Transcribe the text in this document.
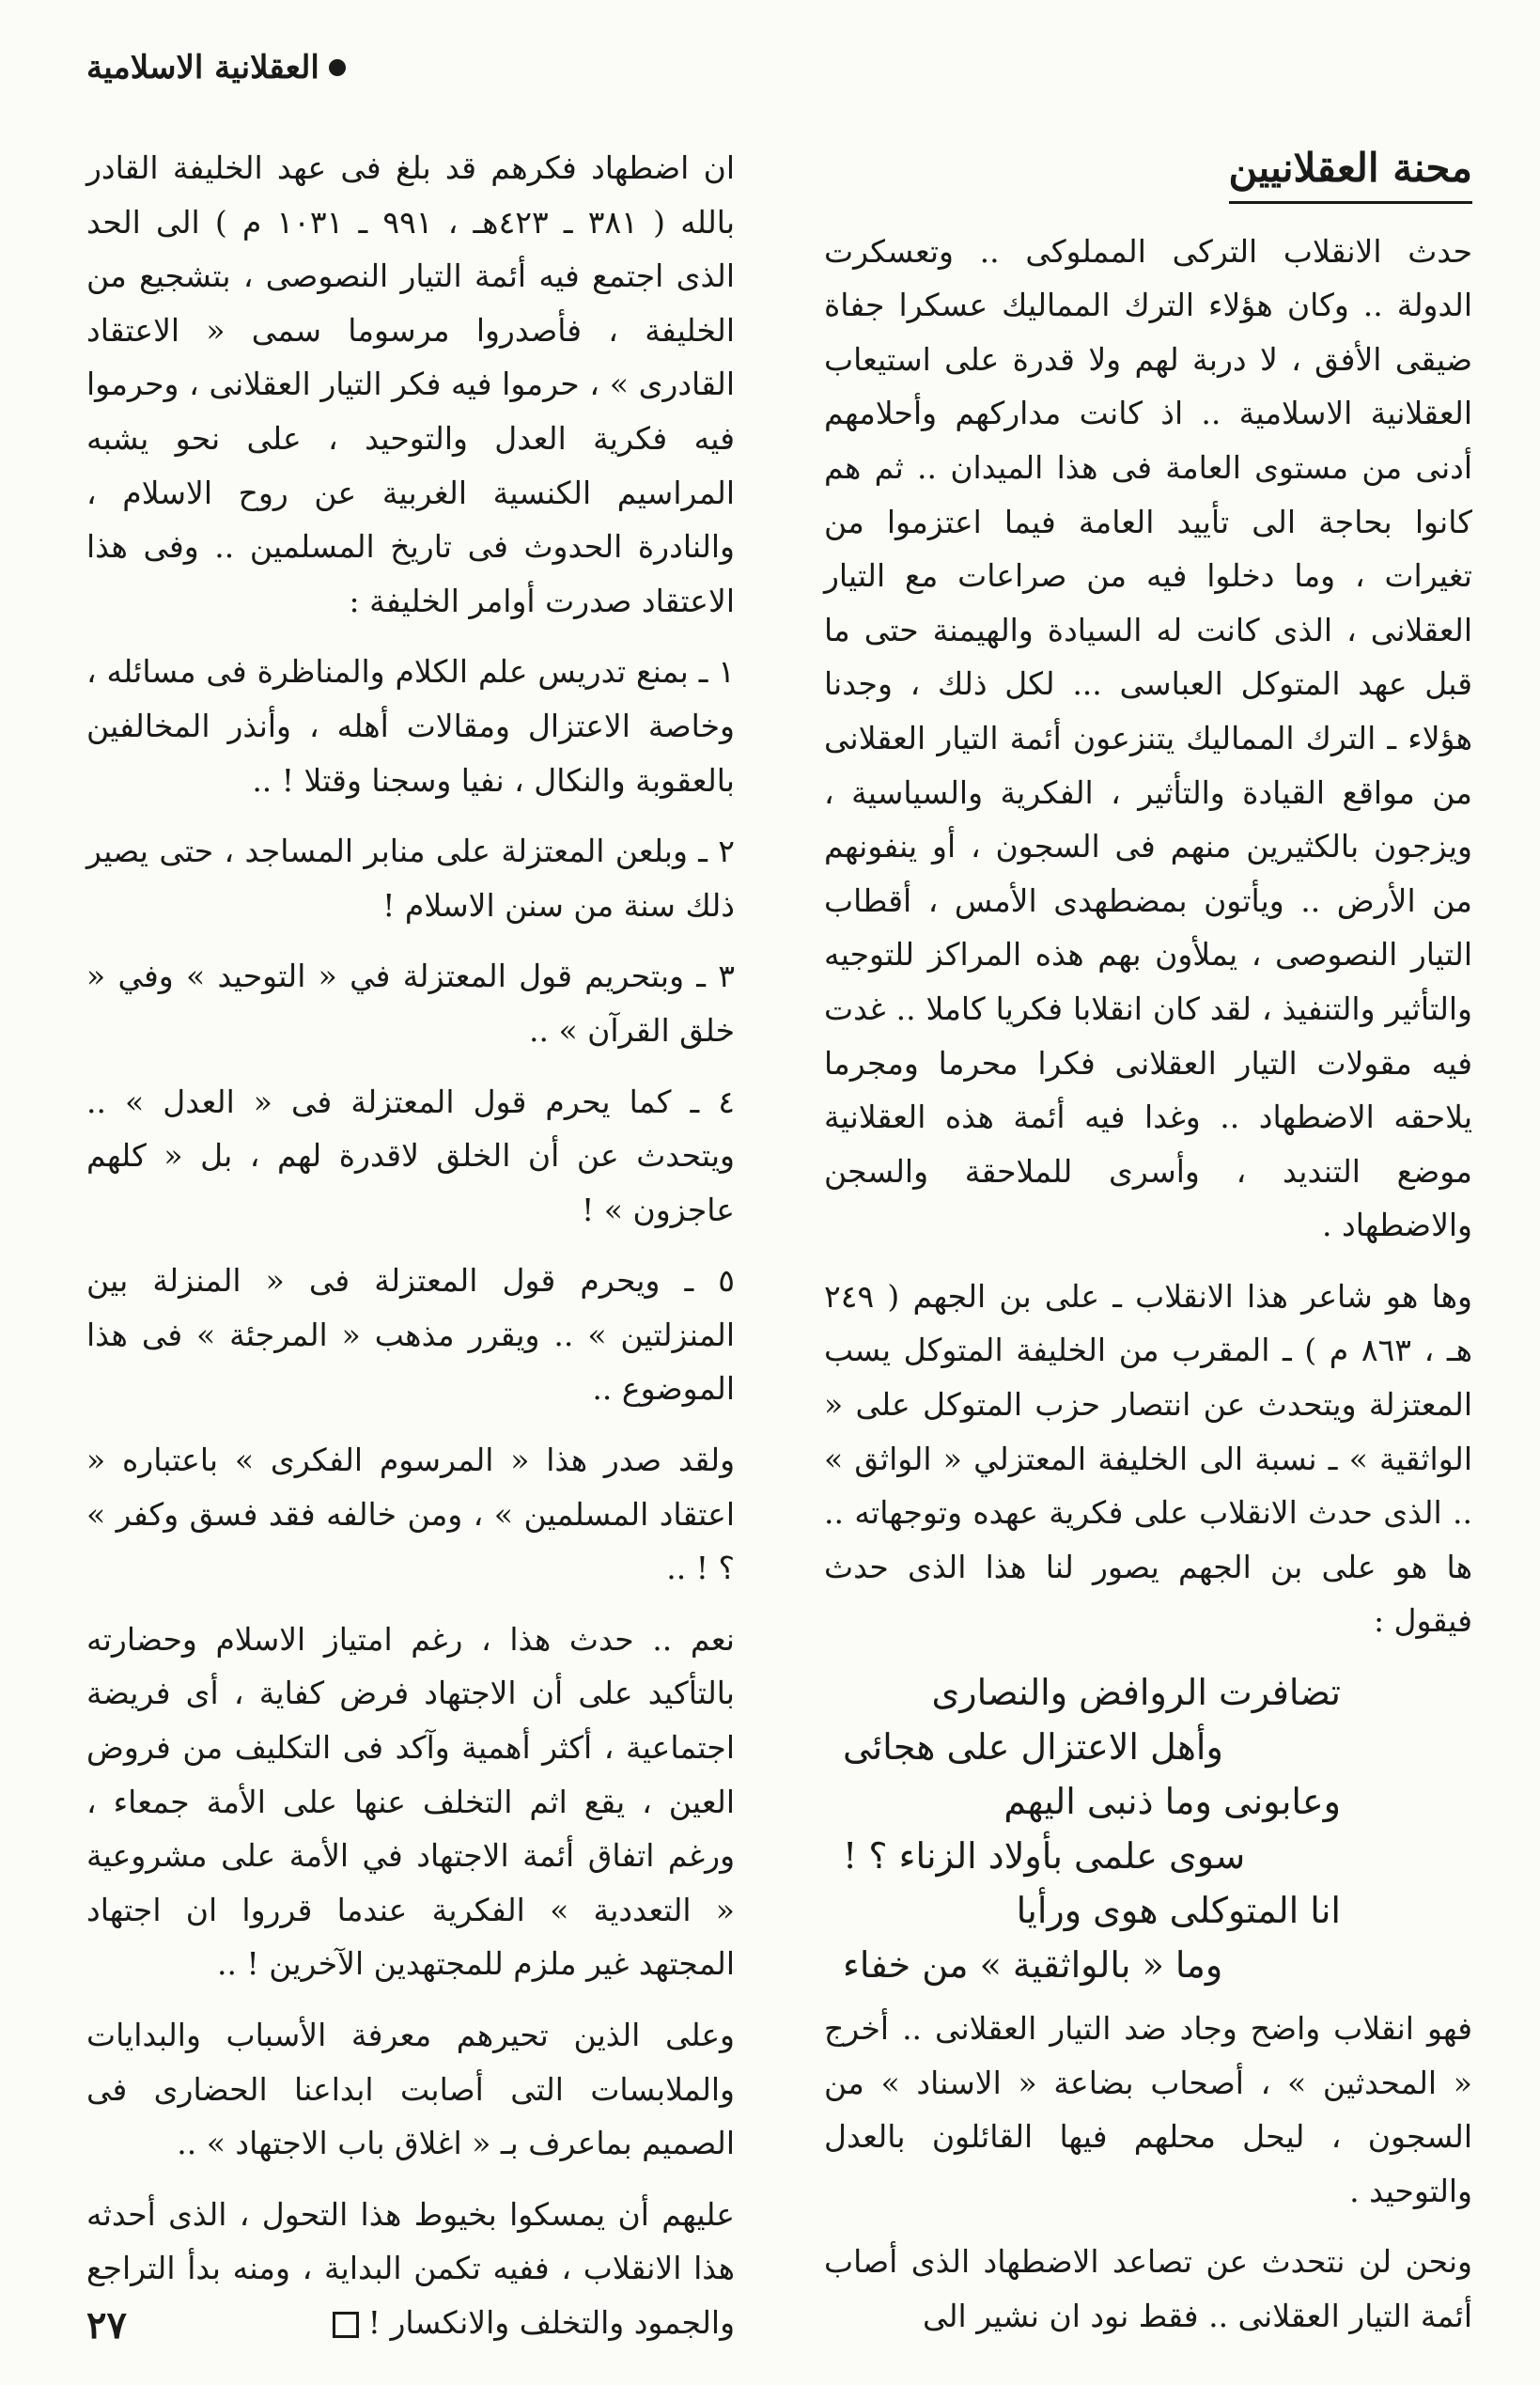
العقلانية الاسلامية
محنة العقلانيين

حدث الانقلاب التركى المملوكى .. وتعسكرت الدولة .. وكان هؤلاء الترك المماليك عسكرا جفاة ضيقى الأفق ، لا دربة لهم ولا قدرة على استيعاب العقلانية الاسلامية .. اذ كانت مداركهم وأحلامهم أدنى من مستوى العامة فى هذا الميدان .. ثم هم كانوا بحاجة الى تأييد العامة فيما اعتزموا من تغيرات ، وما دخلوا فيه من صراعات مع التيار العقلانى ، الذى كانت له السيادة والهيمنة حتى ما قبل عهد المتوكل العباسى ... لكل ذلك ، وجدنا هؤلاء ـ الترك المماليك يتنزعون أئمة التيار العقلانى من مواقع القيادة والتأثير ، الفكرية والسياسية ، ويزجون بالكثيرين منهم فى السجون ، أو ينفونهم من الأرض .. ويأتون بمضطهدى الأمس ، أقطاب التيار النصوصى ، يملأون بهم هذه المراكز للتوجيه والتأثير والتنفيذ ، لقد كان انقلابا فكريا كاملا .. غدت فيه مقولات التيار العقلانى فكرا محرما ومجرما يلاحقه الاضطهاد .. وغدا فيه أئمة هذه العقلانية موضع التنديد ، وأسرى للملاحقة والسجن والاضطهاد .

وها هو شاعر هذا الانقلاب ـ على بن الجهم ( ٢٤٩ هـ ، ٨٦٣ م ) ـ المقرب من الخليفة المتوكل يسب المعتزلة ويتحدث عن انتصار حزب المتوكل على « الواثقية » ـ نسبة الى الخليفة المعتزلي « الواثق » .. الذى حدث الانقلاب على فكرية عهده وتوجهاته .. ها هو على بن الجهم يصور لنا هذا الذى حدث فيقول :

تضافرت الروافض والنصارى
وأهل الاعتزال على هجائى
وعابونى وما ذنبى اليهم
سوى علمى بأولاد الزناء ؟ !
انا المتوكلى هوى ورأيا
وما « بالواثقية » من خفاء

فهو انقلاب واضح وجاد ضد التيار العقلانى .. أخرج « المحدثين » ، أصحاب بضاعة « الاسناد » من السجون ، ليحل محلهم فيها القائلون بالعدل والتوحيد .

ونحن لن نتحدث عن تصاعد الاضطهاد الذى أصاب أئمة التيار العقلانى .. فقط نود ان نشير الى

ان اضطهاد فكرهم قد بلغ فى عهد الخليفة القادر بالله ( ٣٨١ ـ ٤٢٣هـ ، ٩٩١ ـ ١٠٣١ م ) الى الحد الذى اجتمع فيه أئمة التيار النصوصى ، بتشجيع من الخليفة ، فأصدروا مرسوما سمى « الاعتقاد القادرى » ، حرموا فيه فكر التيار العقلانى ، وحرموا فيه فكرية العدل والتوحيد ، على نحو يشبه المراسيم الكنسية الغربية عن روح الاسلام ، والنادرة الحدوث فى تاريخ المسلمين .. وفى هذا الاعتقاد صدرت أوامر الخليفة :

١ ـ بمنع تدريس علم الكلام والمناظرة فى مسائله ، وخاصة الاعتزال ومقالات أهله ، وأنذر المخالفين بالعقوبة والنكال ، نفيا وسجنا وقتلا ! ..

٢ ـ وبلعن المعتزلة على منابر المساجد ، حتى يصير ذلك سنة من سنن الاسلام !

٣ ـ وبتحريم قول المعتزلة في « التوحيد » وفي « خلق القرآن » ..

٤ ـ كما يحرم قول المعتزلة فى « العدل » .. ويتحدث عن أن الخلق لاقدرة لهم ، بل « كلهم عاجزون » !

٥ ـ ويحرم قول المعتزلة فى « المنزلة بين المنزلتين » .. ويقرر مذهب « المرجئة » فى هذا الموضوع ..

ولقد صدر هذا « المرسوم الفكرى » باعتباره « اعتقاد المسلمين » ، ومن خالفه فقد فسق وكفر » ؟ ! ..

نعم .. حدث هذا ، رغم امتياز الاسلام وحضارته بالتأكيد على أن الاجتهاد فرض كفاية ، أى فريضة اجتماعية ، أكثر أهمية وآكد فى التكليف من فروض العين ، يقع اثم التخلف عنها على الأمة جمعاء ، ورغم اتفاق أئمة الاجتهاد في الأمة على مشروعية « التعددية » الفكرية عندما قرروا ان اجتهاد المجتهد غير ملزم للمجتهدين الآخرين ! ..

وعلى الذين تحيرهم معرفة الأسباب والبدايات والملابسات التى أصابت ابداعنا الحضارى فى الصميم بماعرف بـ « اغلاق باب الاجتهاد » ..

عليهم أن يمسكوا بخيوط هذا التحول ، الذى أحدثه هذا الانقلاب ، ففيه تكمن البداية ، ومنه بدأ التراجع والجمود والتخلف والانكسار !

٢٧
